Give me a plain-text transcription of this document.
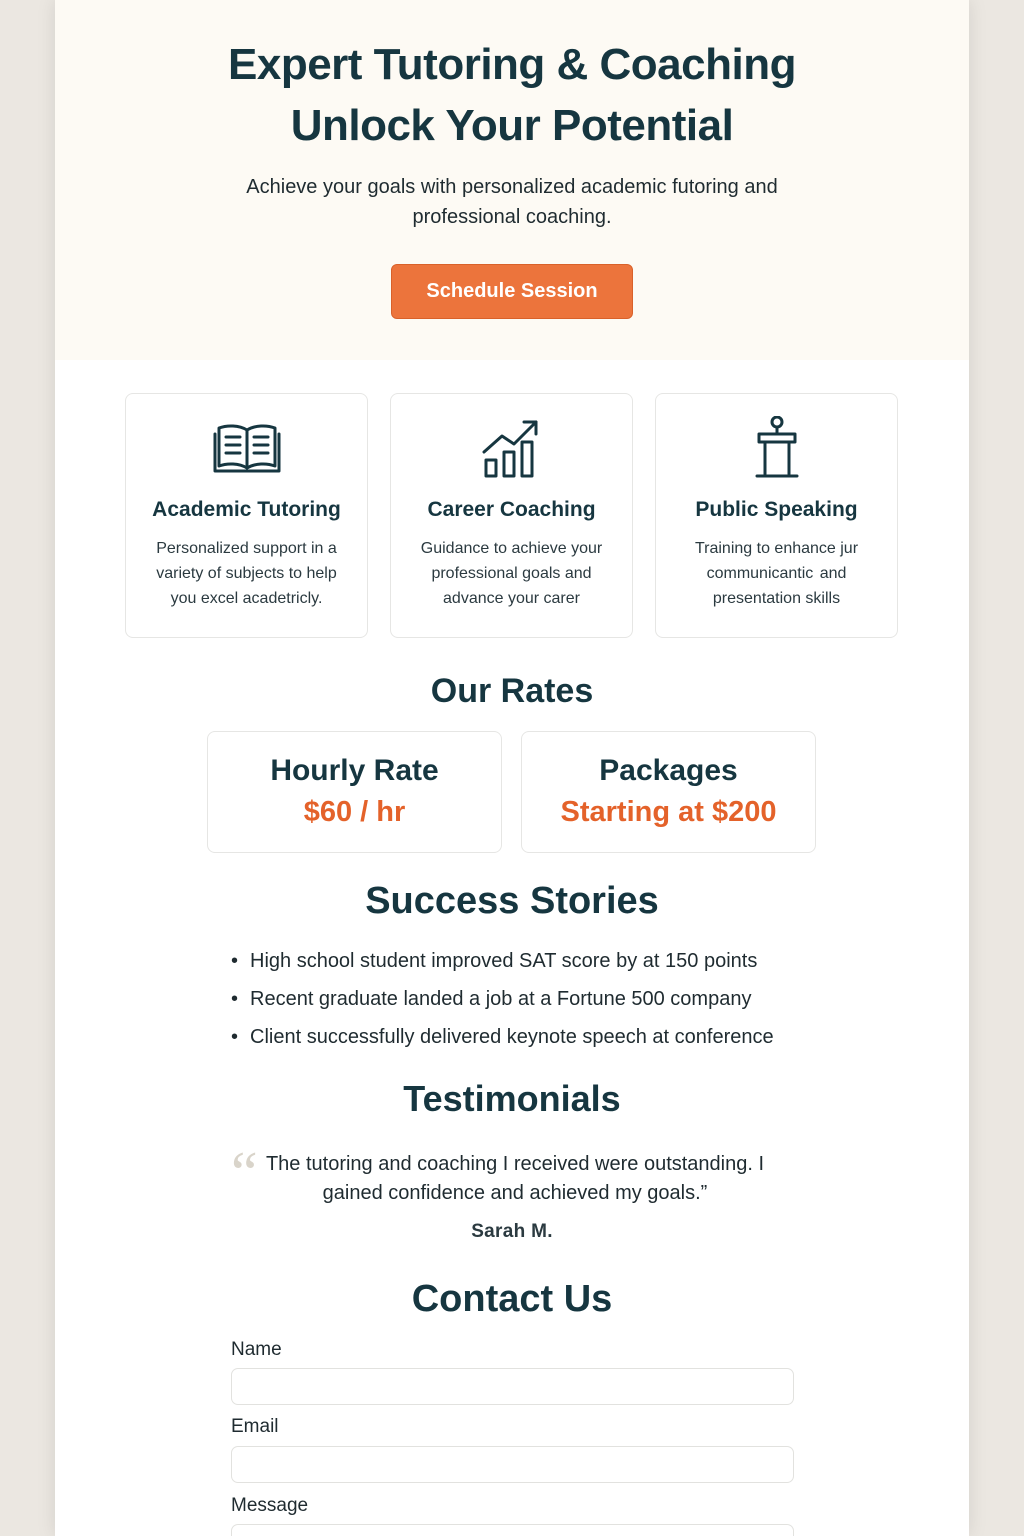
Expert Tutoring & Coaching
Unlock Your Potential

Achieve your goals with personalized academic futoring and professional coaching.

Schedule Session
Academic Tutoring

Personalized support in a variety of subjects to help you excel acadetricly.

Career Coaching

Guidance to achieve your professional goals and advance your carer

Public Speaking

Training to enhance jur communicantic  and presentation skills

Our Rates
Hourly Rate
$60 / hr
Packages
Starting at $200
Success Stories
• High school student improved SAT score by at 150 points
• Recent graduate landed a job at a Fortune 500 company
• Client successfully delivered keynote speech at conference
Testimonials
“ The tutoring and coaching I received were outstanding. I gained confidence and achieved my goals.”

Sarah M.
Contact Us
Name
Email
Message
